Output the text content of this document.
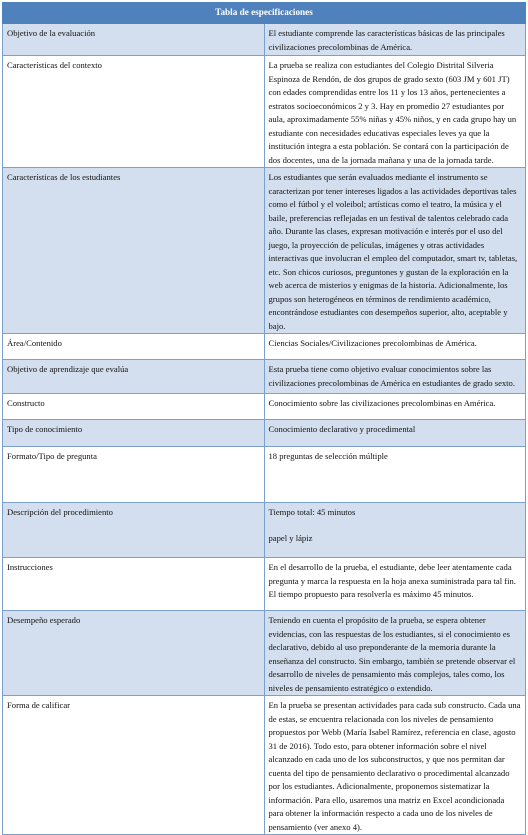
Tabla de especificaciones	
Objetivo de la evaluación	El estudiante comprende las características básicas de las principales civilizaciones precolombinas de América.
Características del contexto	La prueba se realiza con estudiantes del Colegio Distrital Silveria Espinoza de Rendón, de dos grupos de grado sexto (603 JM y 601 JT) con edades comprendidas entre los 11 y los 13 años, pertenecientes a estratos socioeconómicos 2 y 3. Hay en promedio 27 estudiantes por aula, aproximadamente 55% niñas y 45% niños, y en cada grupo hay un estudiante con necesidades educativas especiales leves ya que la institución integra a esta población. Se contará con la participación de dos docentes, una de la jornada mañana y una de la jornada tarde.
Características de los estudiantes	Los estudiantes que serán evaluados mediante el instrumento se caracterizan por tener intereses ligados a las actividades deportivas tales como el fútbol y el voleibol; artísticas como el teatro, la música y el baile, preferencias reflejadas en un festival de talentos celebrado cada año. Durante las clases, expresan motivación e interés por el uso del juego, la proyección de películas, imágenes y otras actividades interactivas que involucran el empleo del computador, smart tv, tabletas, etc. Son chicos curiosos, preguntones y gustan de la exploración en la web acerca de misterios y enigmas de la historia. Adicionalmente, los grupos son heterogéneos en términos de rendimiento académico, encontrándose estudiantes con desempeños superior, alto, aceptable y bajo.
Área/Contenido	Ciencias Sociales/Civilizaciones precolombinas de América.
Objetivo de aprendizaje que evalúa	Esta prueba tiene como objetivo evaluar conocimientos sobre las civilizaciones precolombinas de América en estudiantes de grado sexto.
Constructo	Conocimiento sobre las civilizaciones precolombinas en América.
Tipo de conocimiento	Conocimiento declarativo y procedimental
Formato/Tipo de pregunta	18 preguntas de selección múltiple
Descripción del procedimiento	Tiempo total: 45 minutos

papel y lápiz

Instrucciones	En el desarrollo de la prueba, el estudiante, debe leer atentamente cada pregunta y marca la respuesta en la hoja anexa suministrada para tal fin. El tiempo propuesto para resolverla es máximo 45 minutos.
Desempeño esperado	Teniendo en cuenta el propósito de la prueba, se espera obtener evidencias, con las respuestas de los estudiantes, si el conocimiento es declarativo, debido al uso preponderante de la memoria durante la enseñanza del constructo. Sin embargo, también se pretende observar el desarrollo de niveles de pensamiento más complejos, tales como, los niveles de pensamiento estratégico o extendido.
Forma de calificar	En la prueba se presentan actividades para cada sub constructo. Cada una de estas, se encuentra relacionada con los niveles de pensamiento propuestos por Webb (María Isabel Ramírez, referencia en clase, agosto 31 de 2016). Todo esto, para obtener información sobre el nivel alcanzado en cada uno de los subconstructos, y que nos permitan dar cuenta del tipo de pensamiento declarativo o procedimental alcanzado por los estudiantes. Adicionalmente, proponemos sistematizar la información. Para ello, usaremos una matriz en Excel acondicionada para obtener la información respecto a cada uno de los niveles de pensamiento (ver anexo 4).
